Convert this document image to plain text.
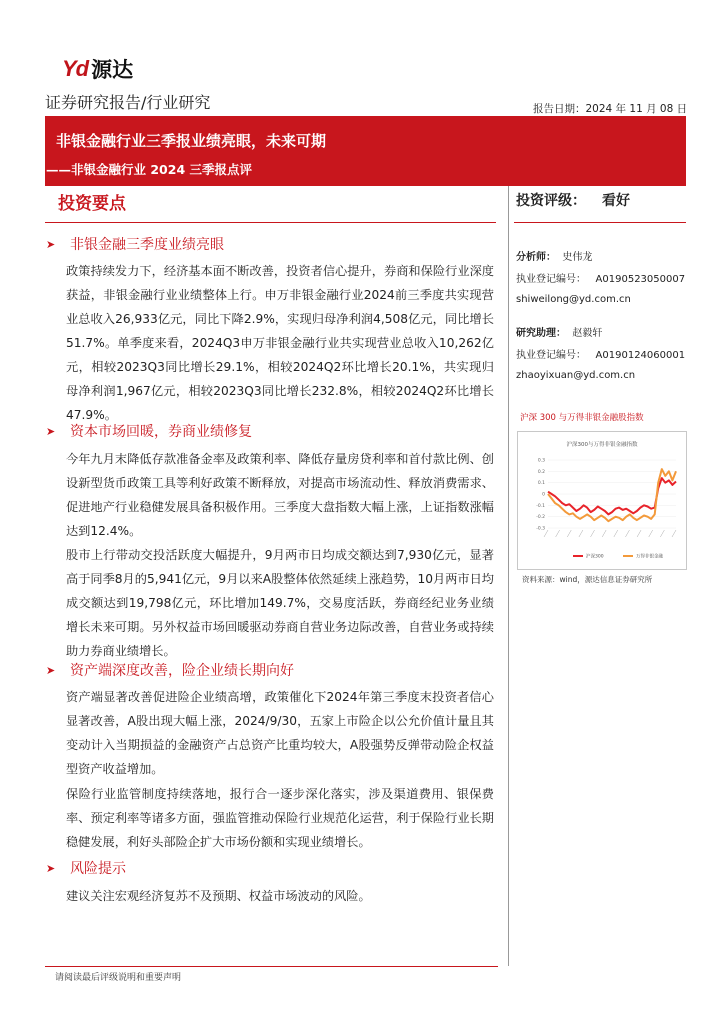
Yd 源达
证券研究报告/行业研究	报告日期：2024 年 11 月 08 日
非银金融行业三季报业绩亮眼，未来可期
——非银金融行业 2024 三季报点评
投资要点
➤ 非银金融三季度业绩亮眼
政策持续发力下，经济基本面不断改善，投资者信心提升，券商和保险行业深度获益，非银金融行业业绩整体上行。申万非银金融行业2024前三季度共实现营业总收入26,933亿元，同比下降2.9%，实现归母净利润4,508亿元，同比增长51.7%。单季度来看，2024Q3申万非银金融行业共实现营业总收入10,262亿元，相较2023Q3同比增长29.1%，相较2024Q2环比增长20.1%，共实现归母净利润1,967亿元，相较2023Q3同比增长232.8%，相较2024Q2环比增长47.9%。
➤ 资本市场回暖，券商业绩修复
今年九月末降低存款准备金率及政策利率、降低存量房贷利率和首付款比例、创设新型货币政策工具等利好政策不断释放，对提高市场流动性、释放消费需求、促进地产行业稳健发展具备积极作用。三季度大盘指数大幅上涨，上证指数涨幅达到12.4%。
股市上行带动交投活跃度大幅提升，9月两市日均成交额达到7,930亿元，显著高于同季8月的5,941亿元，9月以来A股整体依然延续上涨趋势，10月两市日均成交额达到19,798亿元，环比增加149.7%，交易度活跃，券商经纪业务业绩增长未来可期。另外权益市场回暖驱动券商自营业务边际改善，自营业务或持续助力券商业绩增长。
➤ 资产端深度改善，险企业绩长期向好
资产端显著改善促进险企业绩高增，政策催化下2024年第三季度末投资者信心显著改善，A股出现大幅上涨，2024/9/30，五家上市险企以公允价值计量且其变动计入当期损益的金融资产占总资产比重均较大，A股强势反弹带动险企权益型资产收益增加。
保险行业监管制度持续落地，报行合一逐步深化落实，涉及渠道费用、银保费率、预定利率等诸多方面，强监管推动保险行业规范化运营，利于保险行业长期稳健发展，利好头部险企扩大市场份额和实现业绩增长。
➤ 风险提示
建议关注宏观经济复苏不及预期、权益市场波动的风险。
投资评级： 看好
分析师： 史伟龙
执业登记编号： A0190523050007
shiweilong@yd.com.cn
研究助理： 赵毅轩
执业登记编号： A0190124060001
zhaoyixuan@yd.com.cn
沪深 300 与万得非银金融股指数
沪深300与万得非银金融指数
0.3
0.2
0.1
0
-0.1
-0.2
-0.3
沪深300	万得非银金融
资料来源：wind，源达信息证券研究所
请阅读最后评级说明和重要声明
